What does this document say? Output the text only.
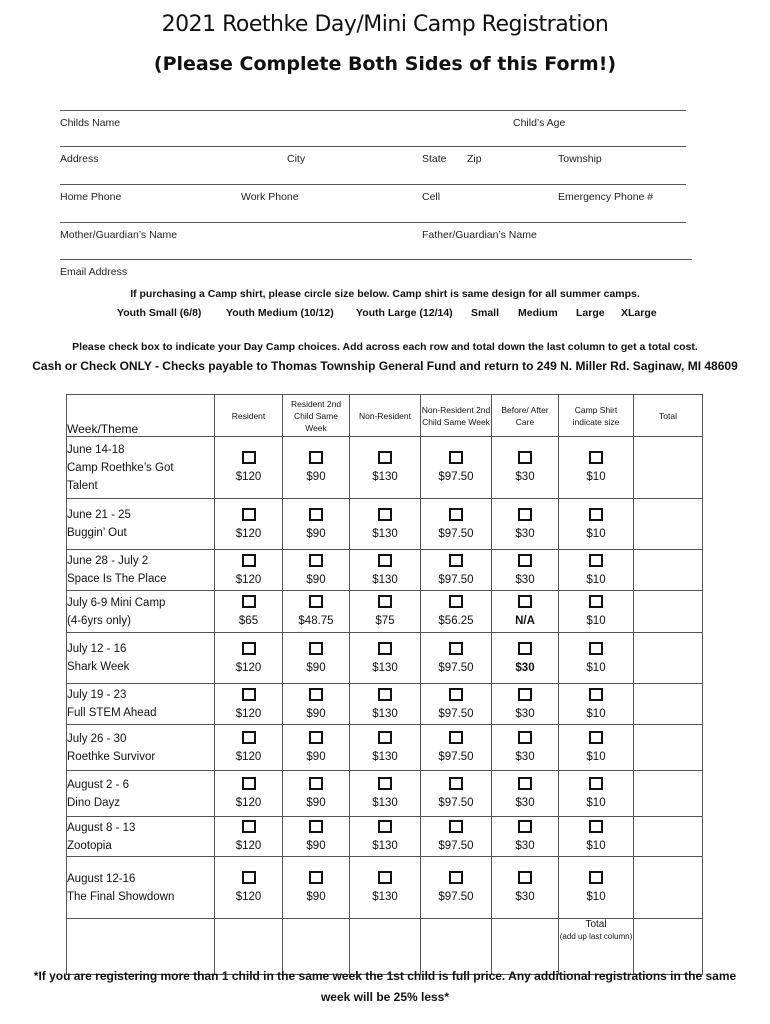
2021 Roethke Day/Mini Camp Registration
(Please Complete Both Sides of this Form!)
Childs Name	Child’s Age
Address	City	State Zip	Township
Home Phone	Work Phone	Cell	Emergency Phone #
Mother/Guardian’s Name	Father/Guardian’s Name
Email Address
If purchasing a Camp shirt, please circle size below. Camp shirt is same design for all summer camps.
Youth Small (6/8) Youth Medium (10/12) Youth Large (12/14) Small Medium Large XLarge
Please check box to indicate your Day Camp choices. Add across each row and total down the last column to get a total cost.
Cash or Check ONLY - Checks payable to Thomas Township General Fund and return to 249 N. Miller Rd. Saginaw, MI 48609
Week/Theme	Resident	Resident 2nd Child Same Week	Non-Resident	Non-Resident 2nd Child Same Week	Before/ After Care	Camp Shirt indicate size	Total

June 14-18
Camp Roethke’s Got
Talent	$120	$90	$130	$97.50	$30	$10	

June 21 - 25
Buggin’ Out	$120	$90	$130	$97.50	$30	$10	

June 28 - July 2
Space Is The Place	$120	$90	$130	$97.50	$30	$10	

July 6-9 Mini Camp
(4-6yrs only)	$65	$48.75	$75	$56.25	N/A	$10	

July 12 - 16
Shark Week	$120	$90	$130	$97.50	$30	$10	

July 19 - 23
Full STEM Ahead	$120	$90	$130	$97.50	$30	$10	

July 26 - 30
Roethke Survivor	$120	$90	$130	$97.50	$30	$10	

August 2 - 6
Dino Dayz	$120	$90	$130	$97.50	$30	$10	

August 8 - 13
Zootopia	$120	$90	$130	$97.50	$30	$10	

August 12-16
The Final Showdown	$120	$90	$130	$97.50	$30	$10	

						Total
(add up last column)	

*If you are registering more than 1 child in the same week the 1st child is full price. Any additional registrations in the same week will be 25% less*
